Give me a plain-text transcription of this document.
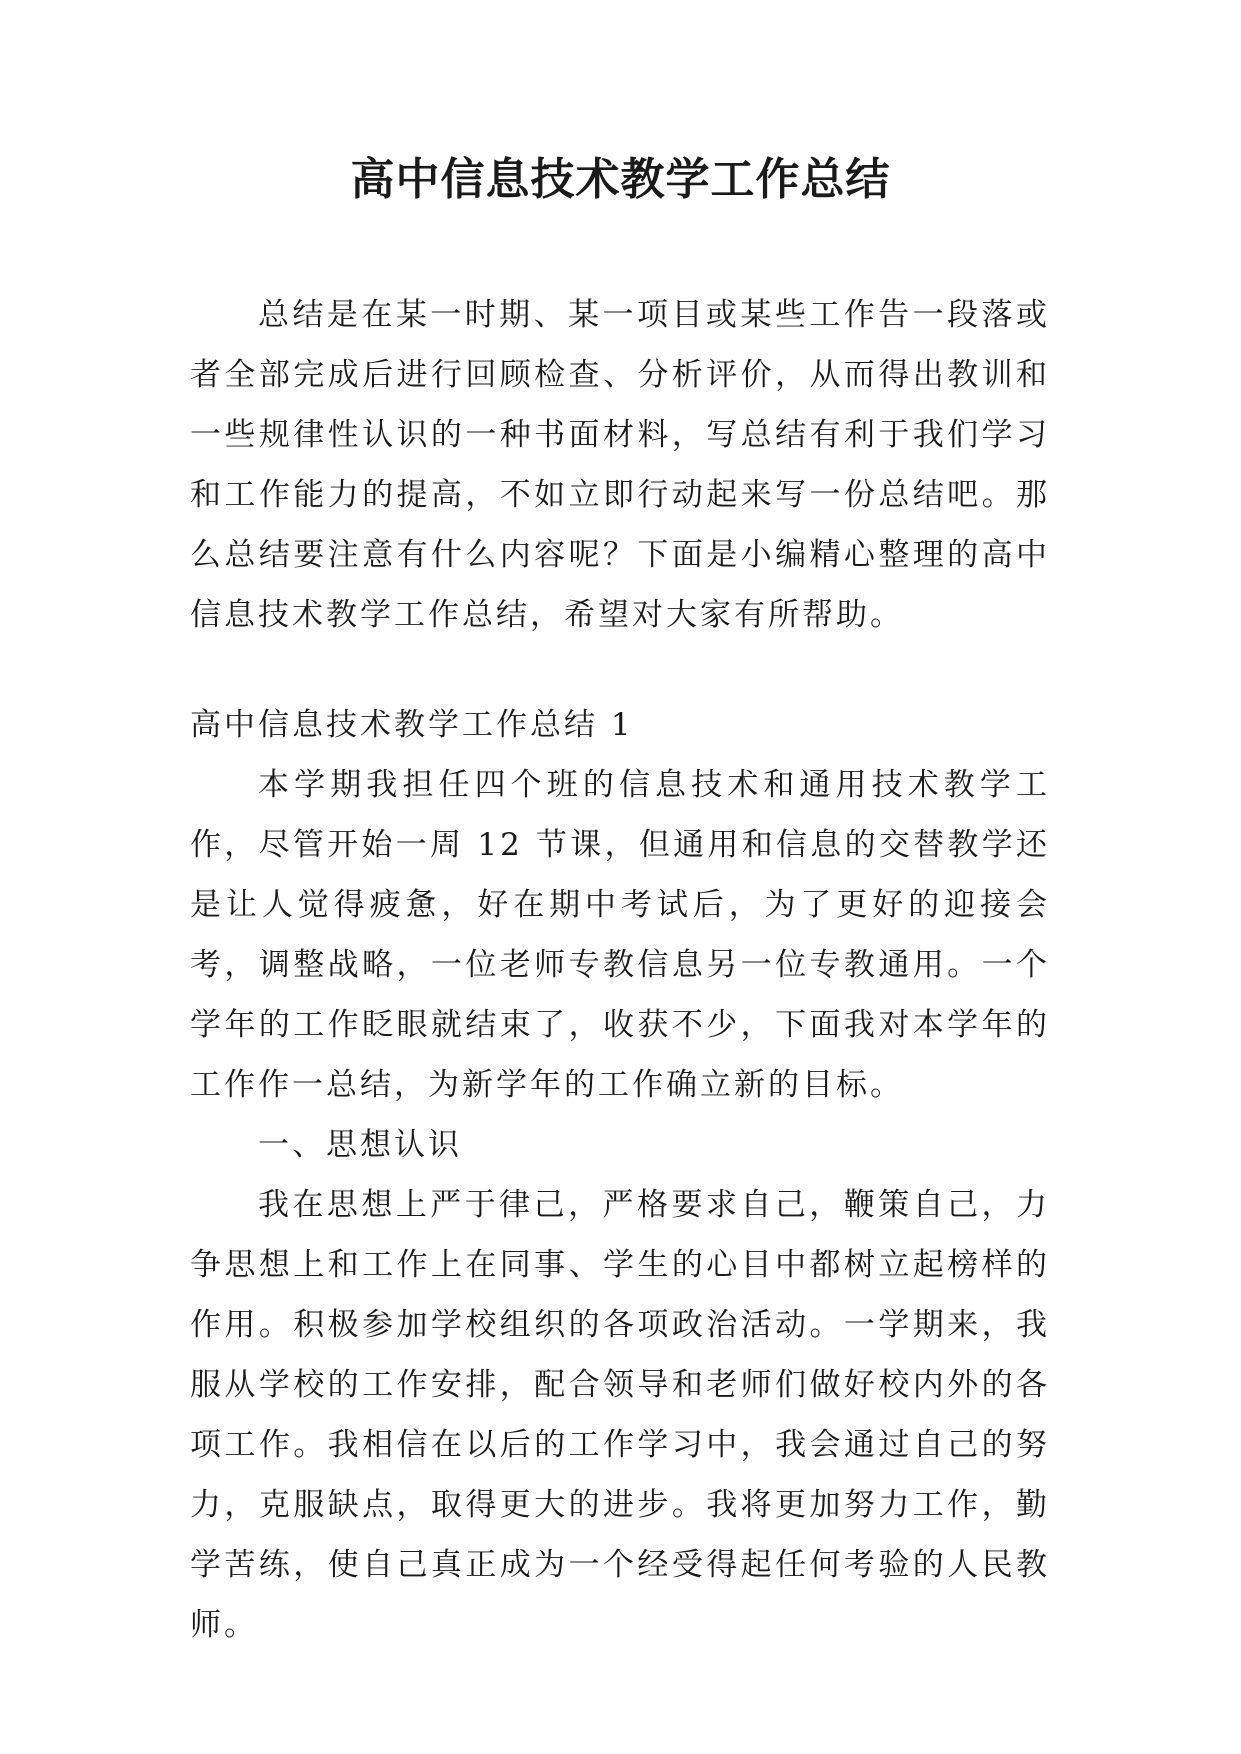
高中信息技术教学工作总结

总结是在某一时期、某一项目或某些工作告一段落或者全部完成后进行回顾检查、分析评价，从而得出教训和一些规律性认识的一种书面材料，写总结有利于我们学习和工作能力的提高，不如立即行动起来写一份总结吧。那么总结要注意有什么内容呢？下面是小编精心整理的高中信息技术教学工作总结，希望对大家有所帮助。

高中信息技术教学工作总结 1

本学期我担任四个班的信息技术和通用技术教学工作，尽管开始一周 12 节课，但通用和信息的交替教学还是让人觉得疲惫，好在期中考试后，为了更好的迎接会考，调整战略，一位老师专教信息另一位专教通用。一个学年的工作眨眼就结束了，收获不少，下面我对本学年的工作作一总结，为新学年的工作确立新的目标。

一、思想认识

我在思想上严于律己，严格要求自己，鞭策自己，力争思想上和工作上在同事、学生的心目中都树立起榜样的作用。积极参加学校组织的各项政治活动。一学期来，我服从学校的工作安排，配合领导和老师们做好校内外的各项工作。我相信在以后的工作学习中，我会通过自己的努力，克服缺点，取得更大的进步。我将更加努力工作，勤学苦练，使自己真正成为一个经受得起任何考验的人民教师。
